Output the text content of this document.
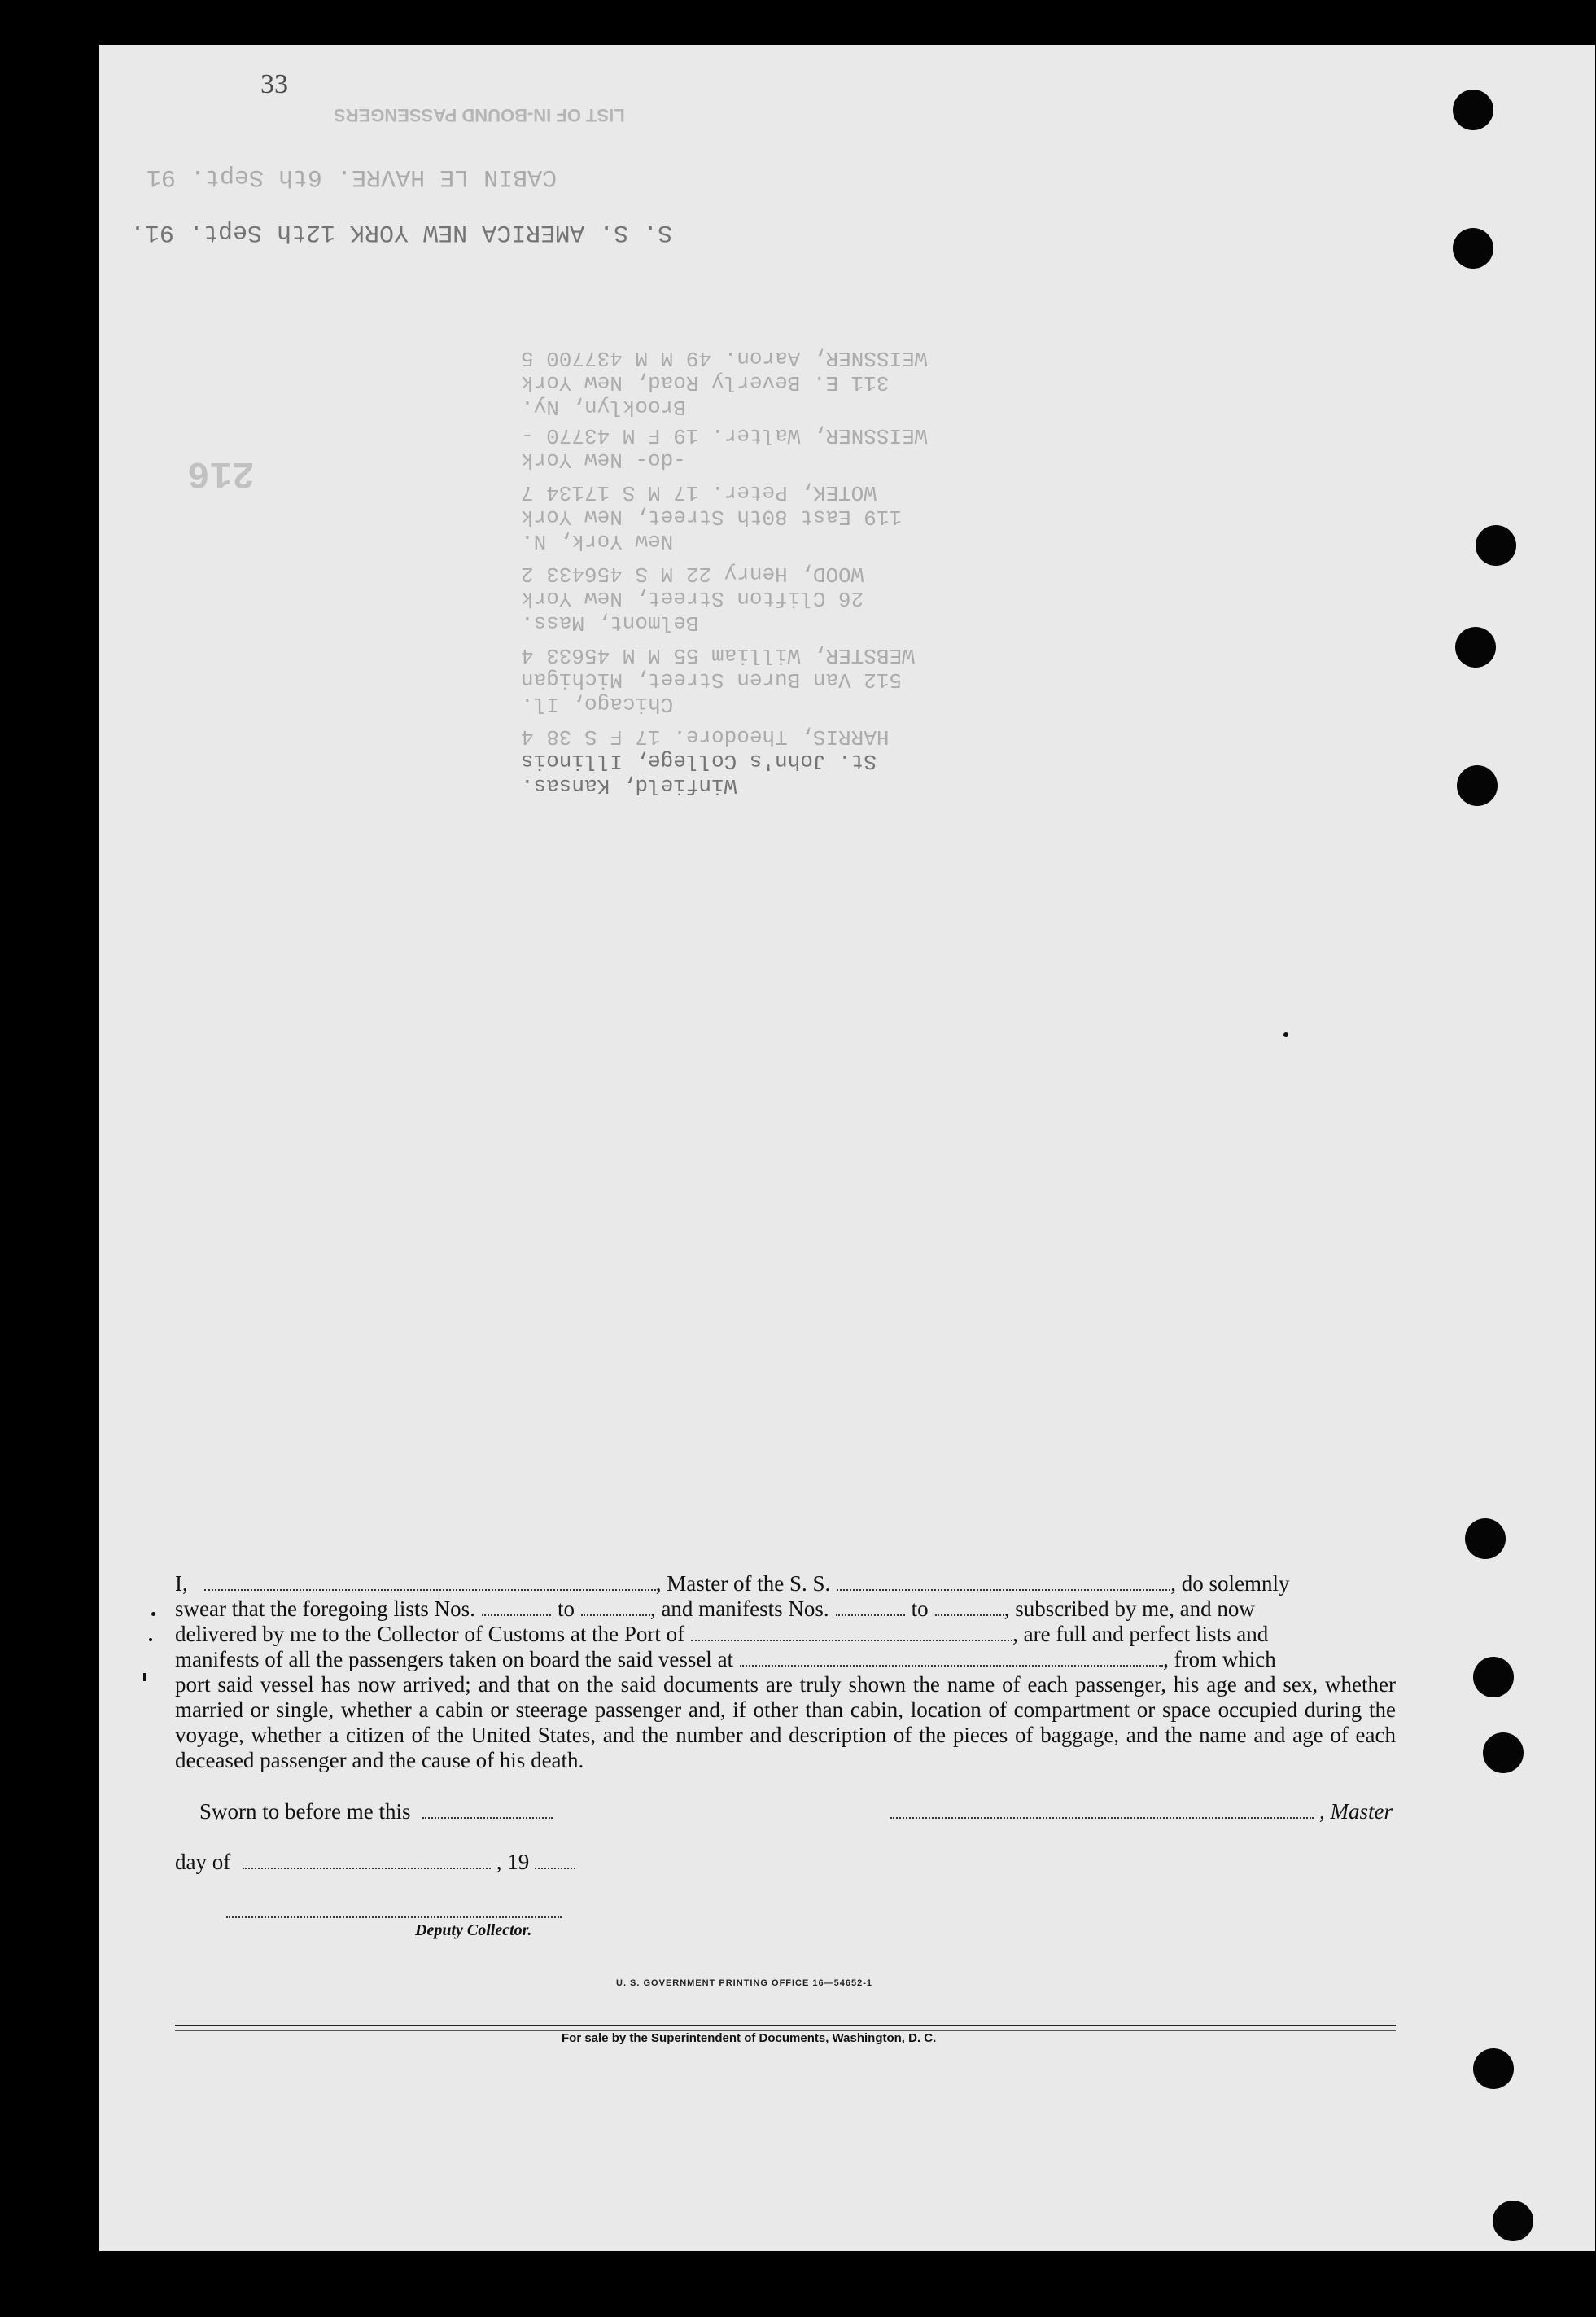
33
LIST OF IN-BOUND PASSENGERS
CABIN LE HAVRE. 6th Sept. 91
S. S. AMERICA NEW YORK 12th Sept. 91.
216
WEISSNER, Aaron. 49 M M 437700 5
311 E. Beverly Road, New York
Brooklyn, Ny.
WEISSNER, Walter. 19 F M 43770 -
-do- New York
WOTEK, Peter. 17 M S 17134 7
119 East 80th Street, New York
New York, N.
WOOD, Henry 22 M S 456433 2
26 Clifton Street, New York
Belmont, Mass.
WEBSTER, William 55 M M 45633 4
512 Van Buren Street, Michigan
Chicago, Il.
HARRIS, Theodore. 17 F S 38 4
St. John's College, Illinois
Winfield, Kansas.

I,	, Master of the S. S.	, do solemnly

swear that the foregoing lists Nos.	to	, and manifests Nos.	to	, subscribed by me, and now

delivered by me to the Collector of Customs at the Port of	, are full and perfect lists and

manifests of all the passengers taken on board the said vessel at	, from which

port said vessel has now arrived; and that on the said documents are truly shown the name of each passenger, his age and sex, whether married or single, whether a cabin or steerage passenger and, if other than cabin, location of compartment or space occupied during the voyage, whether a citizen of the United States, and the number and description of the pieces of baggage, and the name and age of each deceased passenger and the cause of his death.

Sworn to before me this	, Master
day of	, 19
Deputy Collector.
U. S. GOVERNMENT PRINTING OFFICE 16—54652-1
For sale by the Superintendent of Documents, Washington, D. C.
